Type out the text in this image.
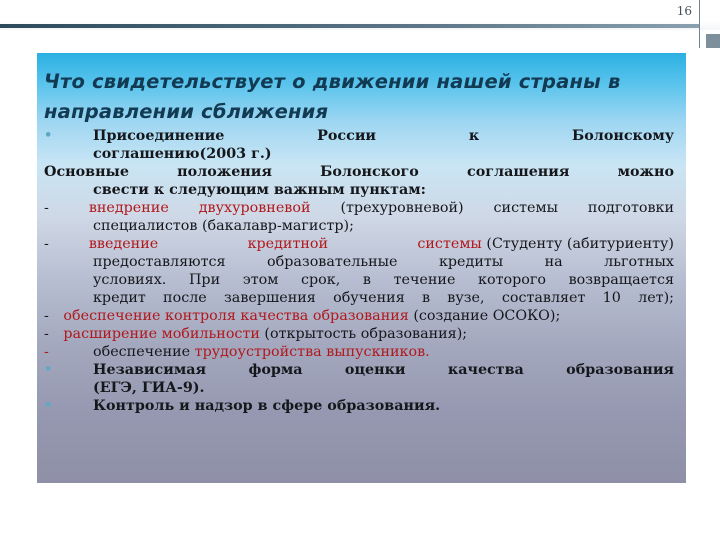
16
Что свидетельствует о движении нашей страны в направлении сближения
•	Присоединение	России	к	Болонскому
соглашению(2003 г.)
Основные положения Болонского соглашения можно
свести к следующим важным пунктам:
-	внедрение двухуровневой (трехуровневой) системы подготовки
специалистов (бакалавр-магистр);
-	введение кредитной системы (Студенту (абитуриенту)
предоставляются образовательные кредиты на льготных
условиях. При этом срок, в течение которого возвращается
кредит после завершения обучения в вузе, составляет 10 лет);
- обеспечение контроля качества образования (создание ОСОКО);
- расширение мобильности (открытость образования);
-	обеспечение трудоустройства выпускников.
•	Независимая форма оценки качества образования
(ЕГЭ, ГИА-9).
•	Контроль и надзор в сфере образования.
